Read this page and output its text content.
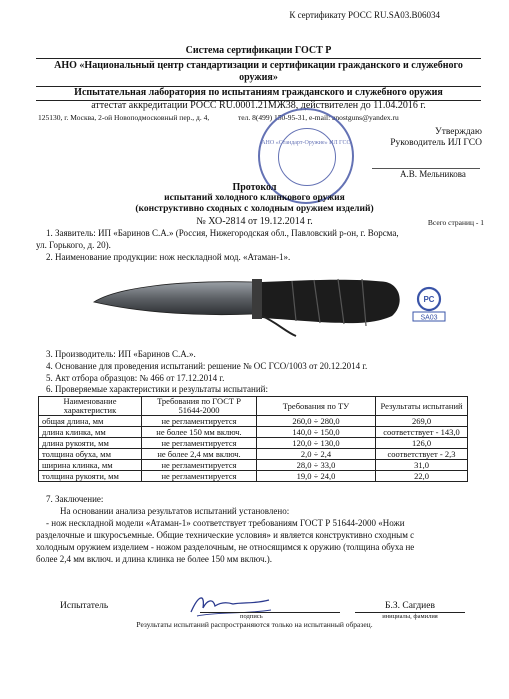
К сертификату РОСС RU.SA03.B06034
Система сертификации ГОСТ Р
АНО «Национальный центр стандартизации и сертификации гражданского и служебного оружия»
Испытательная лаборатория по испытаниям гражданского и служебного оружия
аттестат аккредитации РОСС RU.0001.21МЖ38, действителен до 11.04.2016 г.
125130, г. Москва, 2-ой Новоподмосковный пер., д. 4,	тел. 8(499) 150-95-31, e-mail: anostguns@yandex.ru
АНО «Стандарт-Оружие» ИЛ ГСО
Утверждаю
Руководитель ИЛ ГСО
А.В. Мельникова
Протокол
испытаний холодного клинкового оружия
(конструктивно сходных с холодным оружием изделий)
№ ХО-2814 от 19.12.2014 г.	Всего страниц - 1
1. Заявитель: ИП «Баринов С.А.» (Россия, Нижегородская обл., Павловский р-он, г. Ворсма,
ул. Горького, д. 20).
2. Наименование продукции: нож нескладной мод. «Атаман-1».
РС
SA03
3. Производитель: ИП «Баринов С.А.».
4. Основание для проведения испытаний: решение № ОС ГСО/1003 от 20.12.2014 г.
5. Акт отбора образцов: № 466 от 17.12.2014 г.
6. Проверяемые характеристики и результаты испытаний:
Наименование характеристик	Требования по ГОСТ Р 51644-2000	Требования по ТУ	Результаты испытаний
общая длина, мм	не регламентируется	260,0 ÷ 280,0	269,0
длина клинка, мм	не более 150 мм включ.	140,0 ÷ 150,0	соответствует - 143,0
длина рукояти, мм	не регламентируется	120,0 ÷ 130,0	126,0
толщина обуха, мм	не более 2,4 мм включ.	2,0 ÷ 2,4	соответствует - 2,3
ширина клинка, мм	не регламентируется	28,0 ÷ 33,0	31,0
толщина рукояти, мм	не регламентируется	19,0 ÷ 24,0	22,0
7. Заключение:
На основании анализа результатов испытаний установлено:
- нож нескладной модели «Атаман-1» соответствует требованиям ГОСТ Р 51644-2000 «Ножи
разделочные и шкуросъемные. Общие технические условия» и является конструктивно сходным с
холодным оружием изделием - ножом разделочным, не относящимся к оружию (толщина обуха не
более 2,4 мм включ. и длина клинка не более 150 мм включ.).
Испытатель
подпись
Б.З. Сагдиев
инициалы, фамилия
Результаты испытаний распространяются только на испытанный образец.
